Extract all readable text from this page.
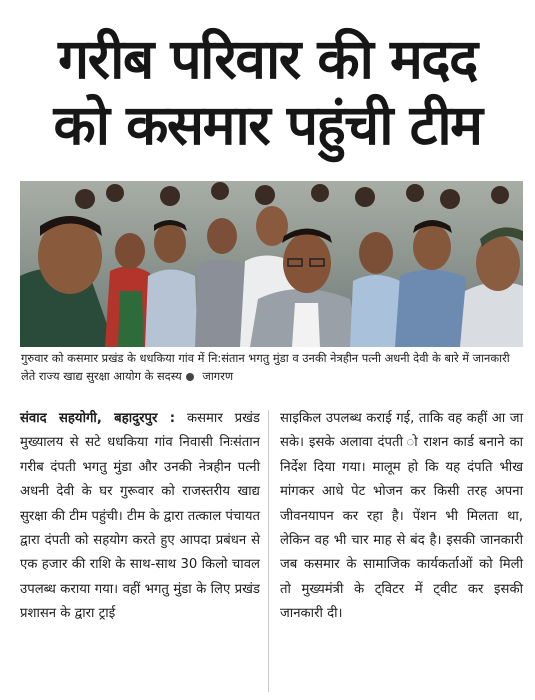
गरीब परिवार की मदद
को कसमार पहुंची टीम
गुरुवार को कसमार प्रखंड के धधकिया गांव में नि:संतान भगतु मुंडा व उनकी नेत्रहीन पत्नी अधनी देवी के बारे में जानकारी लेते राज्य खाद्य सुरक्षा आयोग के सदस्य जागरण
संवाद सहयोगी, बहादुरपुर : कसमार प्रखंड मुख्यालय से सटे धधकिया गांव निवासी निःसंतान गरीब दंपती भगतु मुंडा और उनकी नेत्रहीन पत्नी अधनी देवी के घर गुरूवार को राजस्तरीय खाद्य सुरक्षा की टीम पहुंची। टीम के द्वारा तत्काल पंचायत द्वारा दंपती को सहयोग करते हुए आपदा प्रबंधन से एक हजार की राशि के साथ-साथ 30 किलो चावल उपलब्ध कराया गया। वहीं भगतु मुंडा के लिए प्रखंड प्रशासन के द्वारा ट्राई
साइकिल उपलब्ध कराई गई, ताकि वह कहीं आ जा सके। इसके अलावा दंपती ो राशन कार्ड बनाने का निर्देश दिया गया। मालूम हो कि यह दंपति भीख मांगकर आधे पेट भोजन कर किसी तरह अपना जीवनयापन कर रहा है। पेंशन भी मिलता था, लेकिन वह भी चार माह से बंद है। इसकी जानकारी जब कसमार के सामाजिक कार्यकर्ताओं को मिली तो मुख्यमंत्री के ट्विटर में ट्वीट कर इसकी जानकारी दी।
